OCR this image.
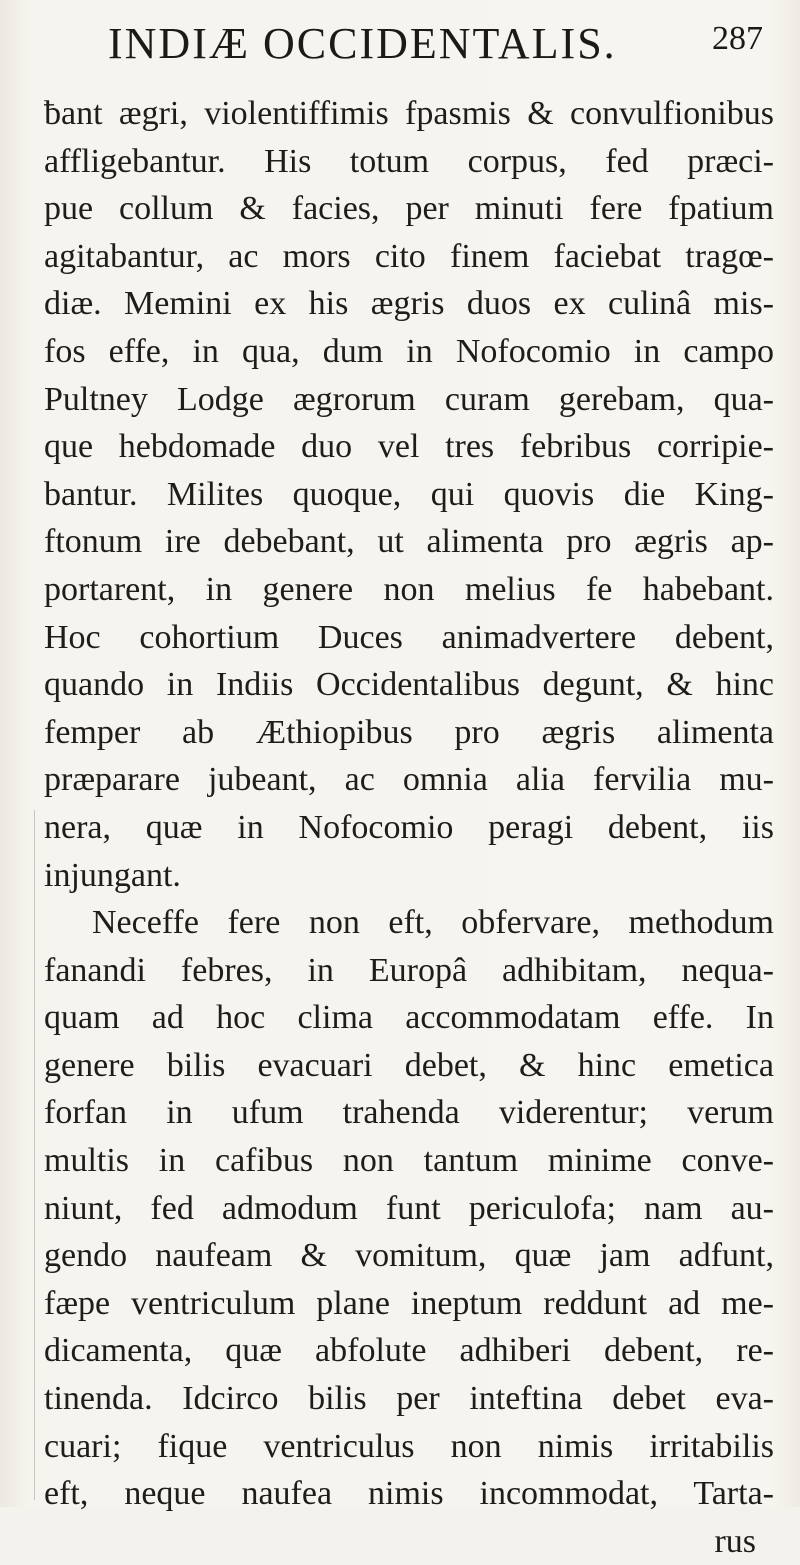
INDIÆ OCCIDENTALIS.	287
ƀant ægri, violentiffimis fpasmis & convulfionibus
affligebantur. His totum corpus, fed præci-
pue collum & facies, per minuti fere fpatium
agitabantur, ac mors cito finem faciebat tragœ-
diæ. Memini ex his ægris duos ex culinâ mis-
fos effe, in qua, dum in Nofocomio in campo
Pultney Lodge ægrorum curam gerebam, qua-
que hebdomade duo vel tres febribus corripie-
bantur. Milites quoque, qui quovis die King-
ftonum ire debebant, ut alimenta pro ægris ap-
portarent, in genere non melius fe habebant.
Hoc cohortium Duces animadvertere debent,
quando in Indiis Occidentalibus degunt, & hinc
femper ab Æthiopibus pro ægris alimenta
præparare jubeant, ac omnia alia fervilia mu-
nera, quæ in Nofocomio peragi debent, iis
injungant.
Neceffe fere non eft, obfervare, methodum
fanandi febres, in Europâ adhibitam, nequa-
quam ad hoc clima accommodatam effe. In
genere bilis evacuari debet, & hinc emetica
forfan in ufum trahenda viderentur; verum
multis in cafibus non tantum minime conve-
niunt, fed admodum funt periculofa; nam au-
gendo naufeam & vomitum, quæ jam adfunt,
fæpe ventriculum plane ineptum reddunt ad me-
dicamenta, quæ abfolute adhiberi debent, re-
tinenda. Idcirco bilis per inteftina debet eva-
cuari; fique ventriculus non nimis irritabilis
eft, neque naufea nimis incommodat, Tarta-
rus
